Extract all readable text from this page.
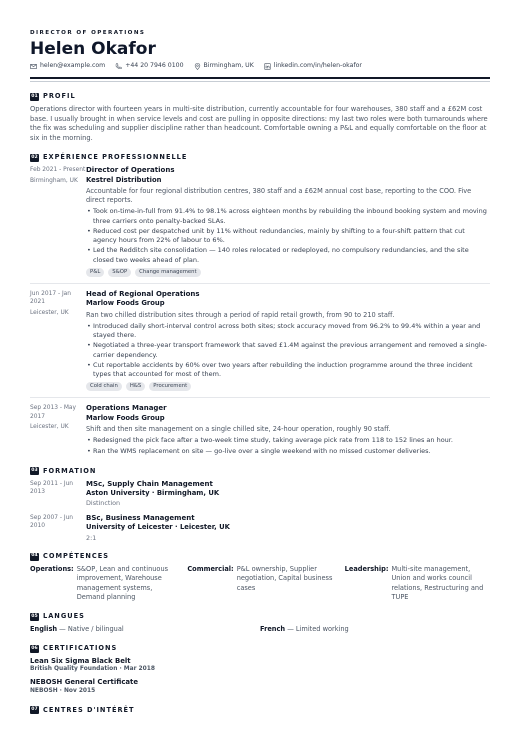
DIRECTOR OF OPERATIONS
Helen Okafor
helen@example.com	+44 20 7946 0100	Birmingham, UK	linkedin.com/in/helen-okafor
01 PROFIL
Operations director with fourteen years in multi-site distribution, currently accountable for four warehouses, 380 staff and a £62M cost base. I usually brought in when service levels and cost are pulling in opposite directions: my last two roles were both turnarounds where the fix was scheduling and supplier discipline rather than headcount. Comfortable owning a P&L and equally comfortable on the floor at six in the morning.
02 EXPÉRIENCE PROFESSIONNELLE
Feb 2021 - Present
Birmingham, UK
Director of Operations
Kestrel Distribution
Accountable for four regional distribution centres, 380 staff and a £62M annual cost base, reporting to the COO. Five direct reports.
• Took on-time-in-full from 91.4% to 98.1% across eighteen months by rebuilding the inbound booking system and moving three carriers onto penalty-backed SLAs.
• Reduced cost per despatched unit by 11% without redundancies, mainly by shifting to a four-shift pattern that cut agency hours from 22% of labour to 6%.
• Led the Redditch site consolidation — 140 roles relocated or redeployed, no compulsory redundancies, and the site closed two weeks ahead of plan.
P&L	S&OP	Change management
Jun 2017 - Jan 2021
Leicester, UK
Head of Regional Operations
Marlow Foods Group
Ran two chilled distribution sites through a period of rapid retail growth, from 90 to 210 staff.
• Introduced daily short-interval control across both sites; stock accuracy moved from 96.2% to 99.4% within a year and stayed there.
• Negotiated a three-year transport framework that saved £1.4M against the previous arrangement and removed a single-carrier dependency.
• Cut reportable accidents by 60% over two years after rebuilding the induction programme around the three incident types that accounted for most of them.
Cold chain	H&S	Procurement
Sep 2013 - May 2017
Leicester, UK
Operations Manager
Marlow Foods Group
Shift and then site management on a single chilled site, 24-hour operation, roughly 90 staff.
• Redesigned the pick face after a two-week time study, taking average pick rate from 118 to 152 lines an hour.
• Ran the WMS replacement on site — go-live over a single weekend with no missed customer deliveries.
03 FORMATION
Sep 2011 - Jun 2013
MSc, Supply Chain Management
Aston University · Birmingham, UK
Distinction
Sep 2007 - Jun 2010
BSc, Business Management
University of Leicester · Leicester, UK
2:1
04 COMPÉTENCES
Operations: S&OP, Lean and continuous improvement, Warehouse management systems, Demand planning
Commercial: P&L ownership, Supplier negotiation, Capital business cases
Leadership: Multi-site management, Union and works council relations, Restructuring and TUPE
05 LANGUES
English — Native / bilingual	French — Limited working
06 CERTIFICATIONS
Lean Six Sigma Black Belt
British Quality Foundation · Mar 2018
NEBOSH General Certificate
NEBOSH · Nov 2015
07 CENTRES D'INTÉRÊT
